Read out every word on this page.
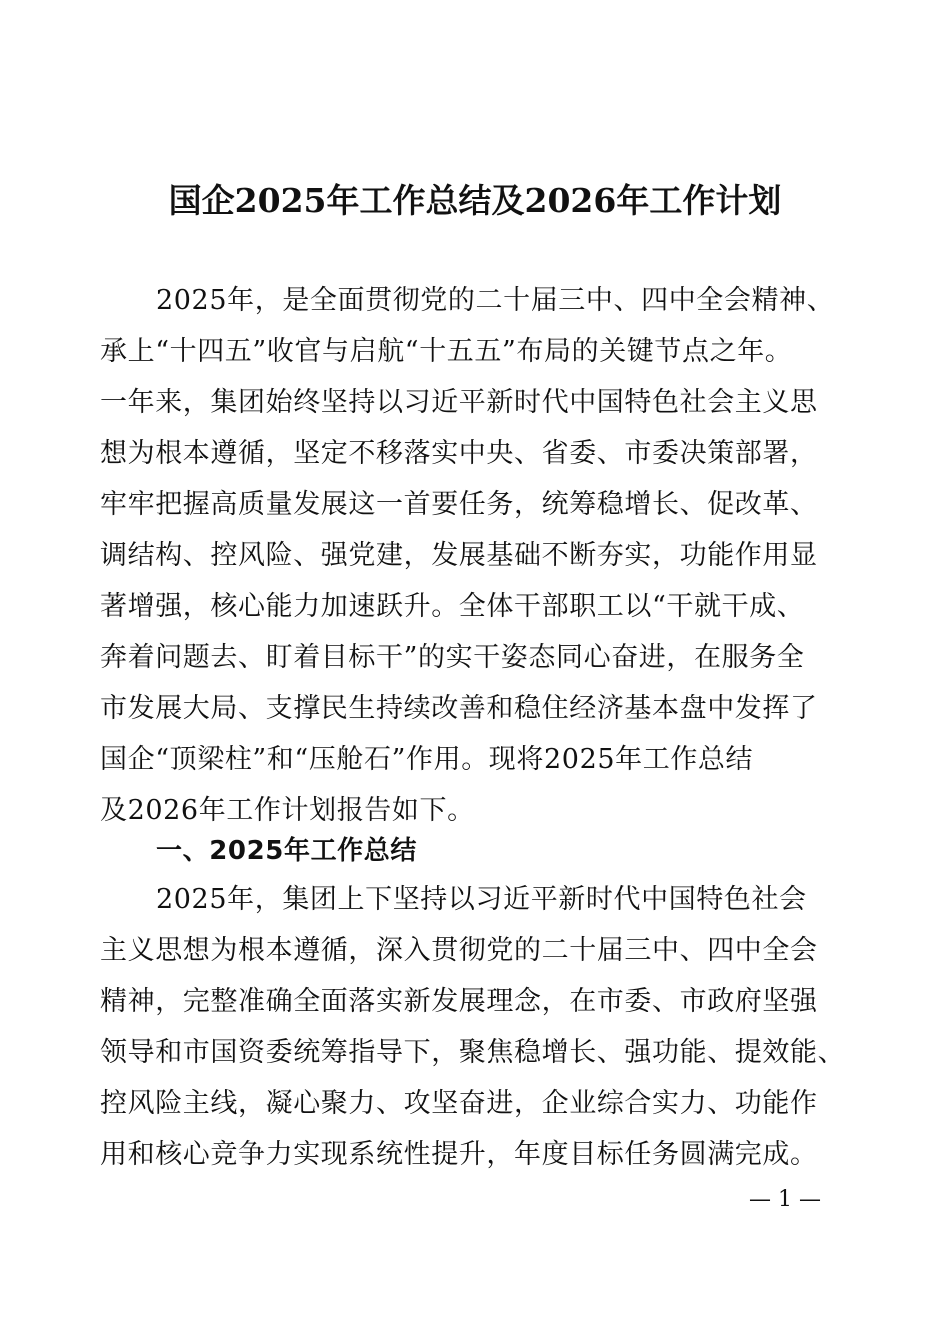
国企2025年工作总结及2026年工作计划
2025年，是全面贯彻党的二十届三中、四中全会精神、
承上“十四五”收官与启航“十五五”布局的关键节点之年。
一年来，集团始终坚持以习近平新时代中国特色社会主义思
想为根本遵循，坚定不移落实中央、省委、市委决策部署，
牢牢把握高质量发展这一首要任务，统筹稳增长、促改革、
调结构、控风险、强党建，发展基础不断夯实，功能作用显
著增强，核心能力加速跃升。全体干部职工以“干就干成、
奔着问题去、盯着目标干”的实干姿态同心奋进，在服务全
市发展大局、支撑民生持续改善和稳住经济基本盘中发挥了
国企“顶梁柱”和“压舱石”作用。现将2025年工作总结
及2026年工作计划报告如下。
一、2025年工作总结
2025年，集团上下坚持以习近平新时代中国特色社会
主义思想为根本遵循，深入贯彻党的二十届三中、四中全会
精神，完整准确全面落实新发展理念，在市委、市政府坚强
领导和市国资委统筹指导下，聚焦稳增长、强功能、提效能、
控风险主线，凝心聚力、攻坚奋进，企业综合实力、功能作
用和核心竞争力实现系统性提升，年度目标任务圆满完成。
— 1 —
